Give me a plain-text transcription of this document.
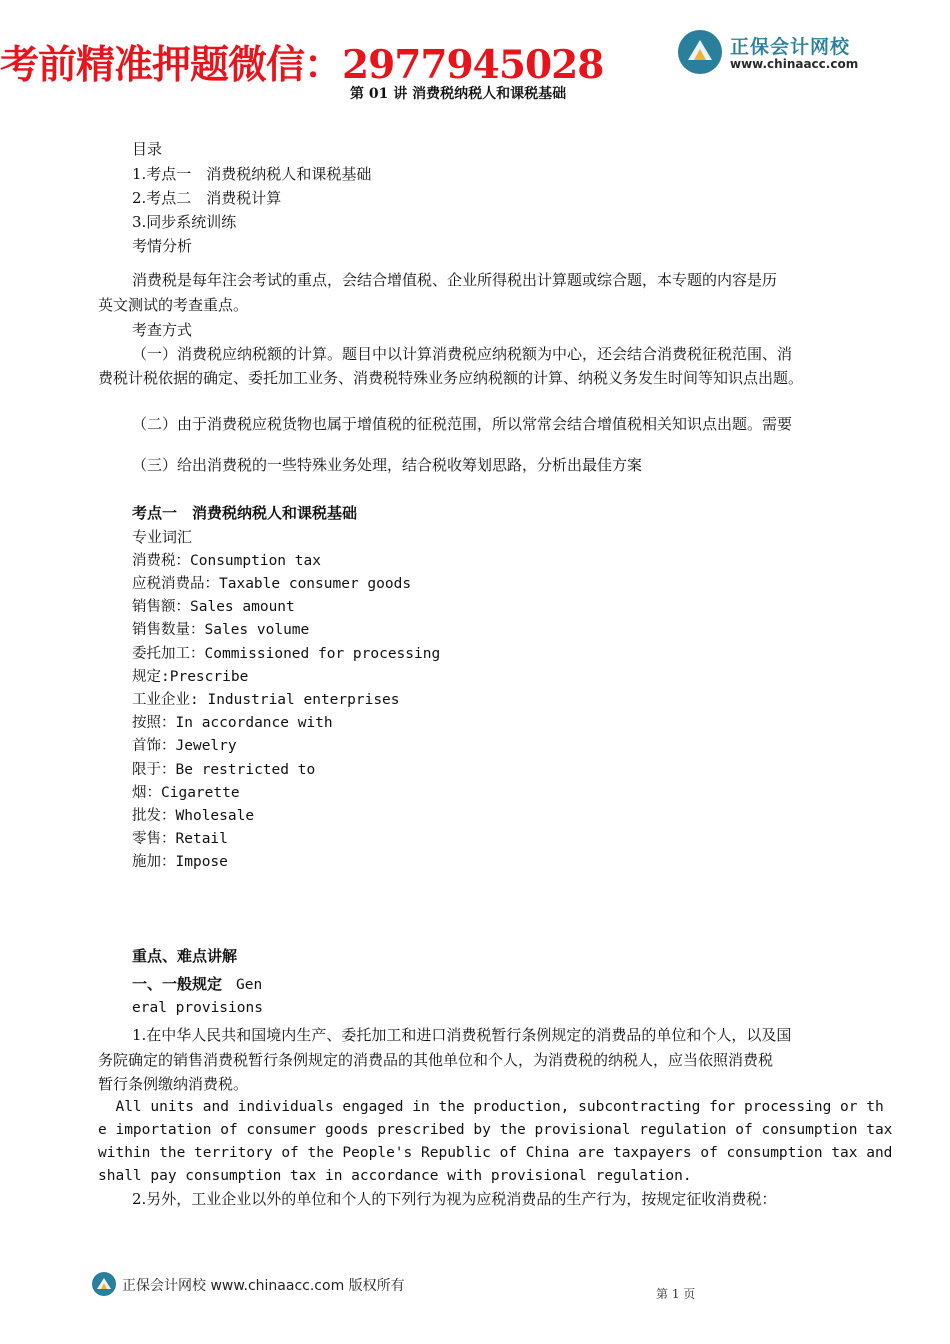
考前精准押题微信：2977945028	正保会计网校
www.chinaacc.com
第 01 讲 消费税纳税人和课税基础
目录
1.考点一　消费税纳税人和课税基础
2.考点二　消费税计算
3.同步系统训练
考情分析
消费税是每年注会考试的重点，会结合增值税、企业所得税出计算题或综合题，本专题的内容是历
英文测试的考查重点。
考查方式
（一）消费税应纳税额的计算。题目中以计算消费税应纳税额为中心，还会结合消费税征税范围、消
费税计税依据的确定、委托加工业务、消费税特殊业务应纳税额的计算、纳税义务发生时间等知识点出题。
（二）由于消费税应税货物也属于增值税的征税范围，所以常常会结合增值税相关知识点出题。需要
（三）给出消费税的一些特殊业务处理，结合税收筹划思路，分析出最佳方案
考点一　消费税纳税人和课税基础
专业词汇
消费税：Consumption tax
应税消费品：Taxable consumer goods
销售额：Sales amount
销售数量：Sales volume
委托加工：Commissioned for processing
规定:Prescribe
工业企业: Industrial enterprises
按照：In accordance with
首饰：Jewelry
限于：Be restricted to
烟：Cigarette
批发：Wholesale
零售：Retail
施加：Impose
重点、难点讲解
一、一般规定 Gen
eral provisions
1.在中华人民共和国境内生产、委托加工和进口消费税暂行条例规定的消费品的单位和个人，以及国
务院确定的销售消费税暂行条例规定的消费品的其他单位和个人，为消费税的纳税人，应当依照消费税
暂行条例缴纳消费税。
All units and individuals engaged in the production, subcontracting for processing or th
e importation of consumer goods prescribed by the provisional regulation of consumption tax
within the territory of the People's Republic of China are taxpayers of consumption tax and
shall pay consumption tax in accordance with provisional regulation.
2.另外，工业企业以外的单位和个人的下列行为视为应税消费品的生产行为，按规定征收消费税：
正保会计网校 www.chinaacc.com 版权所有	第 1 页
